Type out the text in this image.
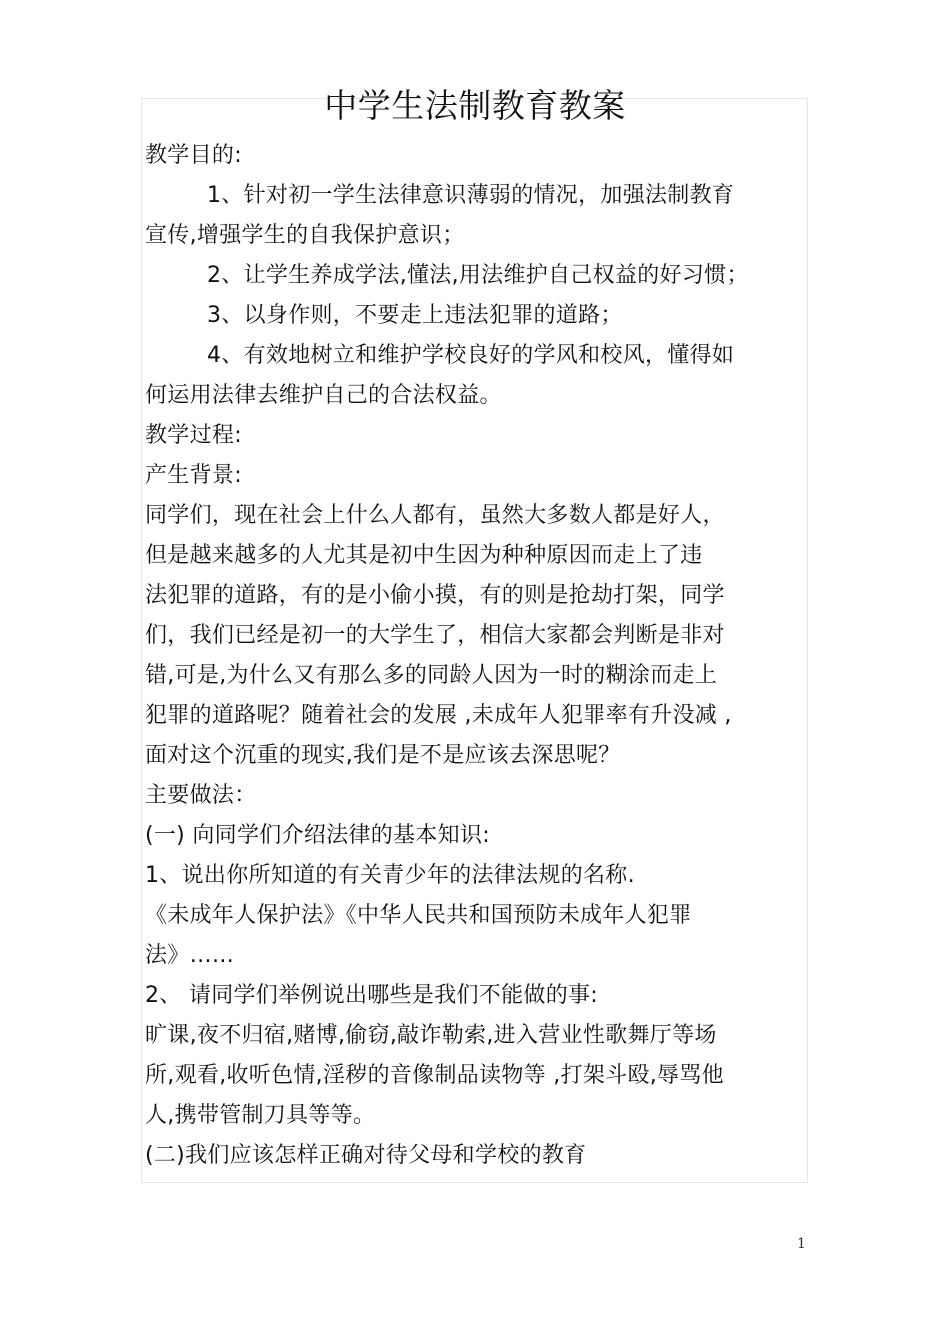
中学生法制教育教案
教学目的:
1、针对初一学生法律意识薄弱的情况，加强法制教育
宣传,增强学生的自我保护意识；
2、让学生养成学法,懂法,用法维护自己权益的好习惯；
3、以身作则，不要走上违法犯罪的道路；
4、有效地树立和维护学校良好的学风和校风，懂得如
何运用法律去维护自己的合法权益。
教学过程:
产生背景:
同学们，现在社会上什么人都有，虽然大多数人都是好人，
但是越来越多的人尤其是初中生因为种种原因而走上了违
法犯罪的道路，有的是小偷小摸，有的则是抢劫打架，同学
们，我们已经是初一的大学生了，相信大家都会判断是非对
错,可是,为什么又有那么多的同龄人因为一时的糊涂而走上
犯罪的道路呢？随着社会的发展 ,未成年人犯罪率有升没减 ,
面对这个沉重的现实,我们是不是应该去深思呢？
主要做法：
(一) 向同学们介绍法律的基本知识:
1、说出你所知道的有关青少年的法律法规的名称.
《未成年人保护法》《中华人民共和国预防未成年人犯罪
法》……
2、 请同学们举例说出哪些是我们不能做的事:
旷课,夜不归宿,赌博,偷窃,敲诈勒索,进入营业性歌舞厅等场
所,观看,收听色情,淫秽的音像制品读物等 ,打架斗殴,辱骂他
人,携带管制刀具等等。
(二)我们应该怎样正确对待父母和学校的教育
1
